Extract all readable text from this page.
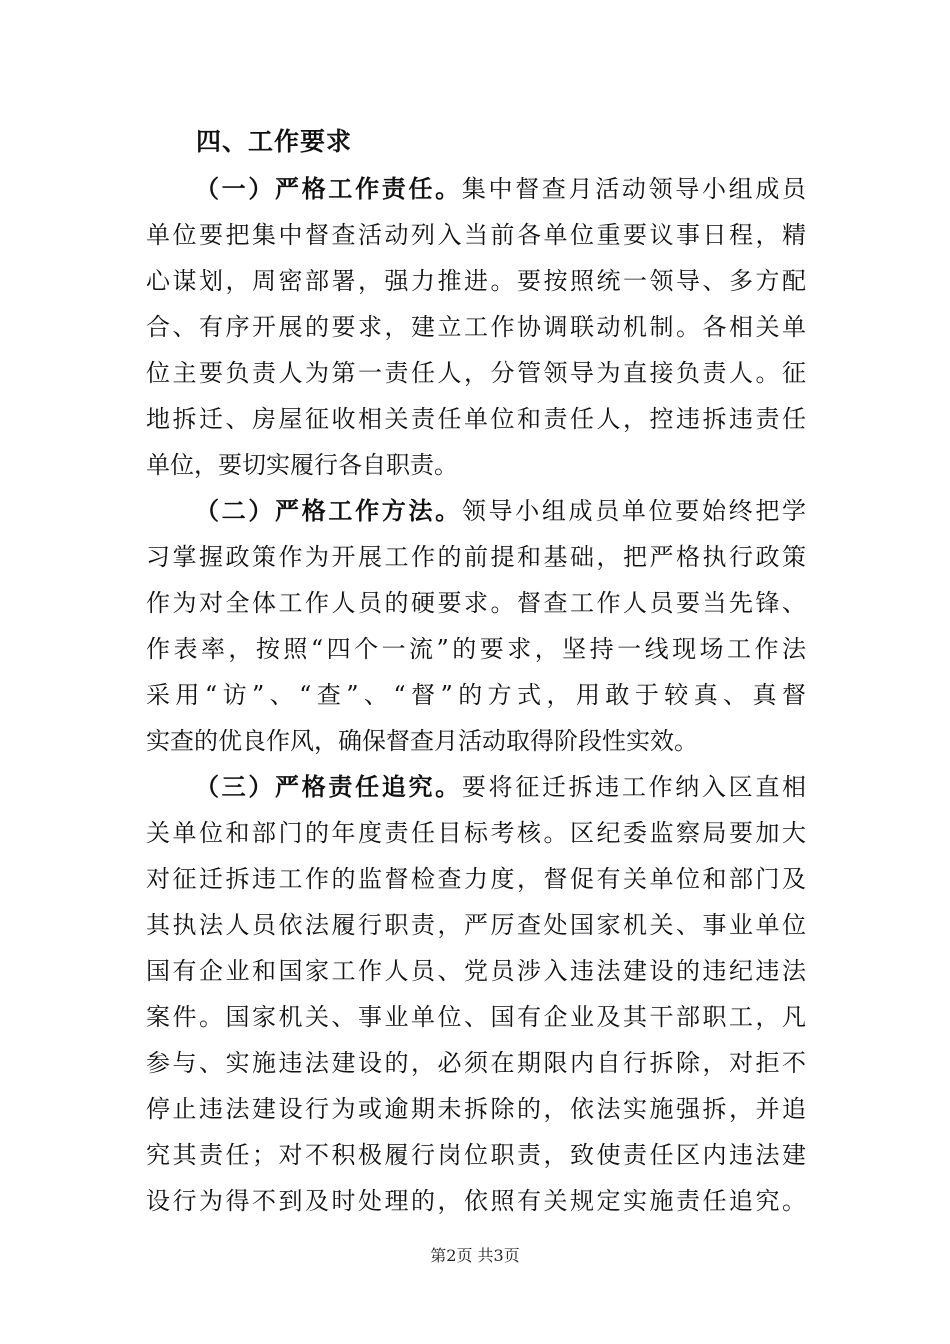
四、工作要求
（一）严格工作责任。集中督查月活动领导小组成员
单位要把集中督查活动列入当前各单位重要议事日程，精
心谋划，周密部署，强力推进。要按照统一领导、多方配
合、有序开展的要求，建立工作协调联动机制。各相关单
位主要负责人为第一责任人，分管领导为直接负责人。征
地拆迁、房屋征收相关责任单位和责任人，控违拆违责任
单位，要切实履行各自职责。
（二）严格工作方法。领导小组成员单位要始终把学
习掌握政策作为开展工作的前提和基础，把严格执行政策
作为对全体工作人员的硬要求。督查工作人员要当先锋、
作表率，按照“四个一流”的要求，坚持一线现场工作法
采用“访”、“查”、“督”的方式，用敢于较真、真督
实查的优良作风，确保督查月活动取得阶段性实效。
（三）严格责任追究。要将征迁拆违工作纳入区直相
关单位和部门的年度责任目标考核。区纪委监察局要加大
对征迁拆违工作的监督检查力度，督促有关单位和部门及
其执法人员依法履行职责，严厉查处国家机关、事业单位
国有企业和国家工作人员、党员涉入违法建设的违纪违法
案件。国家机关、事业单位、国有企业及其干部职工，凡
参与、实施违法建设的，必须在期限内自行拆除，对拒不
停止违法建设行为或逾期未拆除的，依法实施强拆，并追
究其责任；对不积极履行岗位职责，致使责任区内违法建
设行为得不到及时处理的，依照有关规定实施责任追究。
第2页 共3页
